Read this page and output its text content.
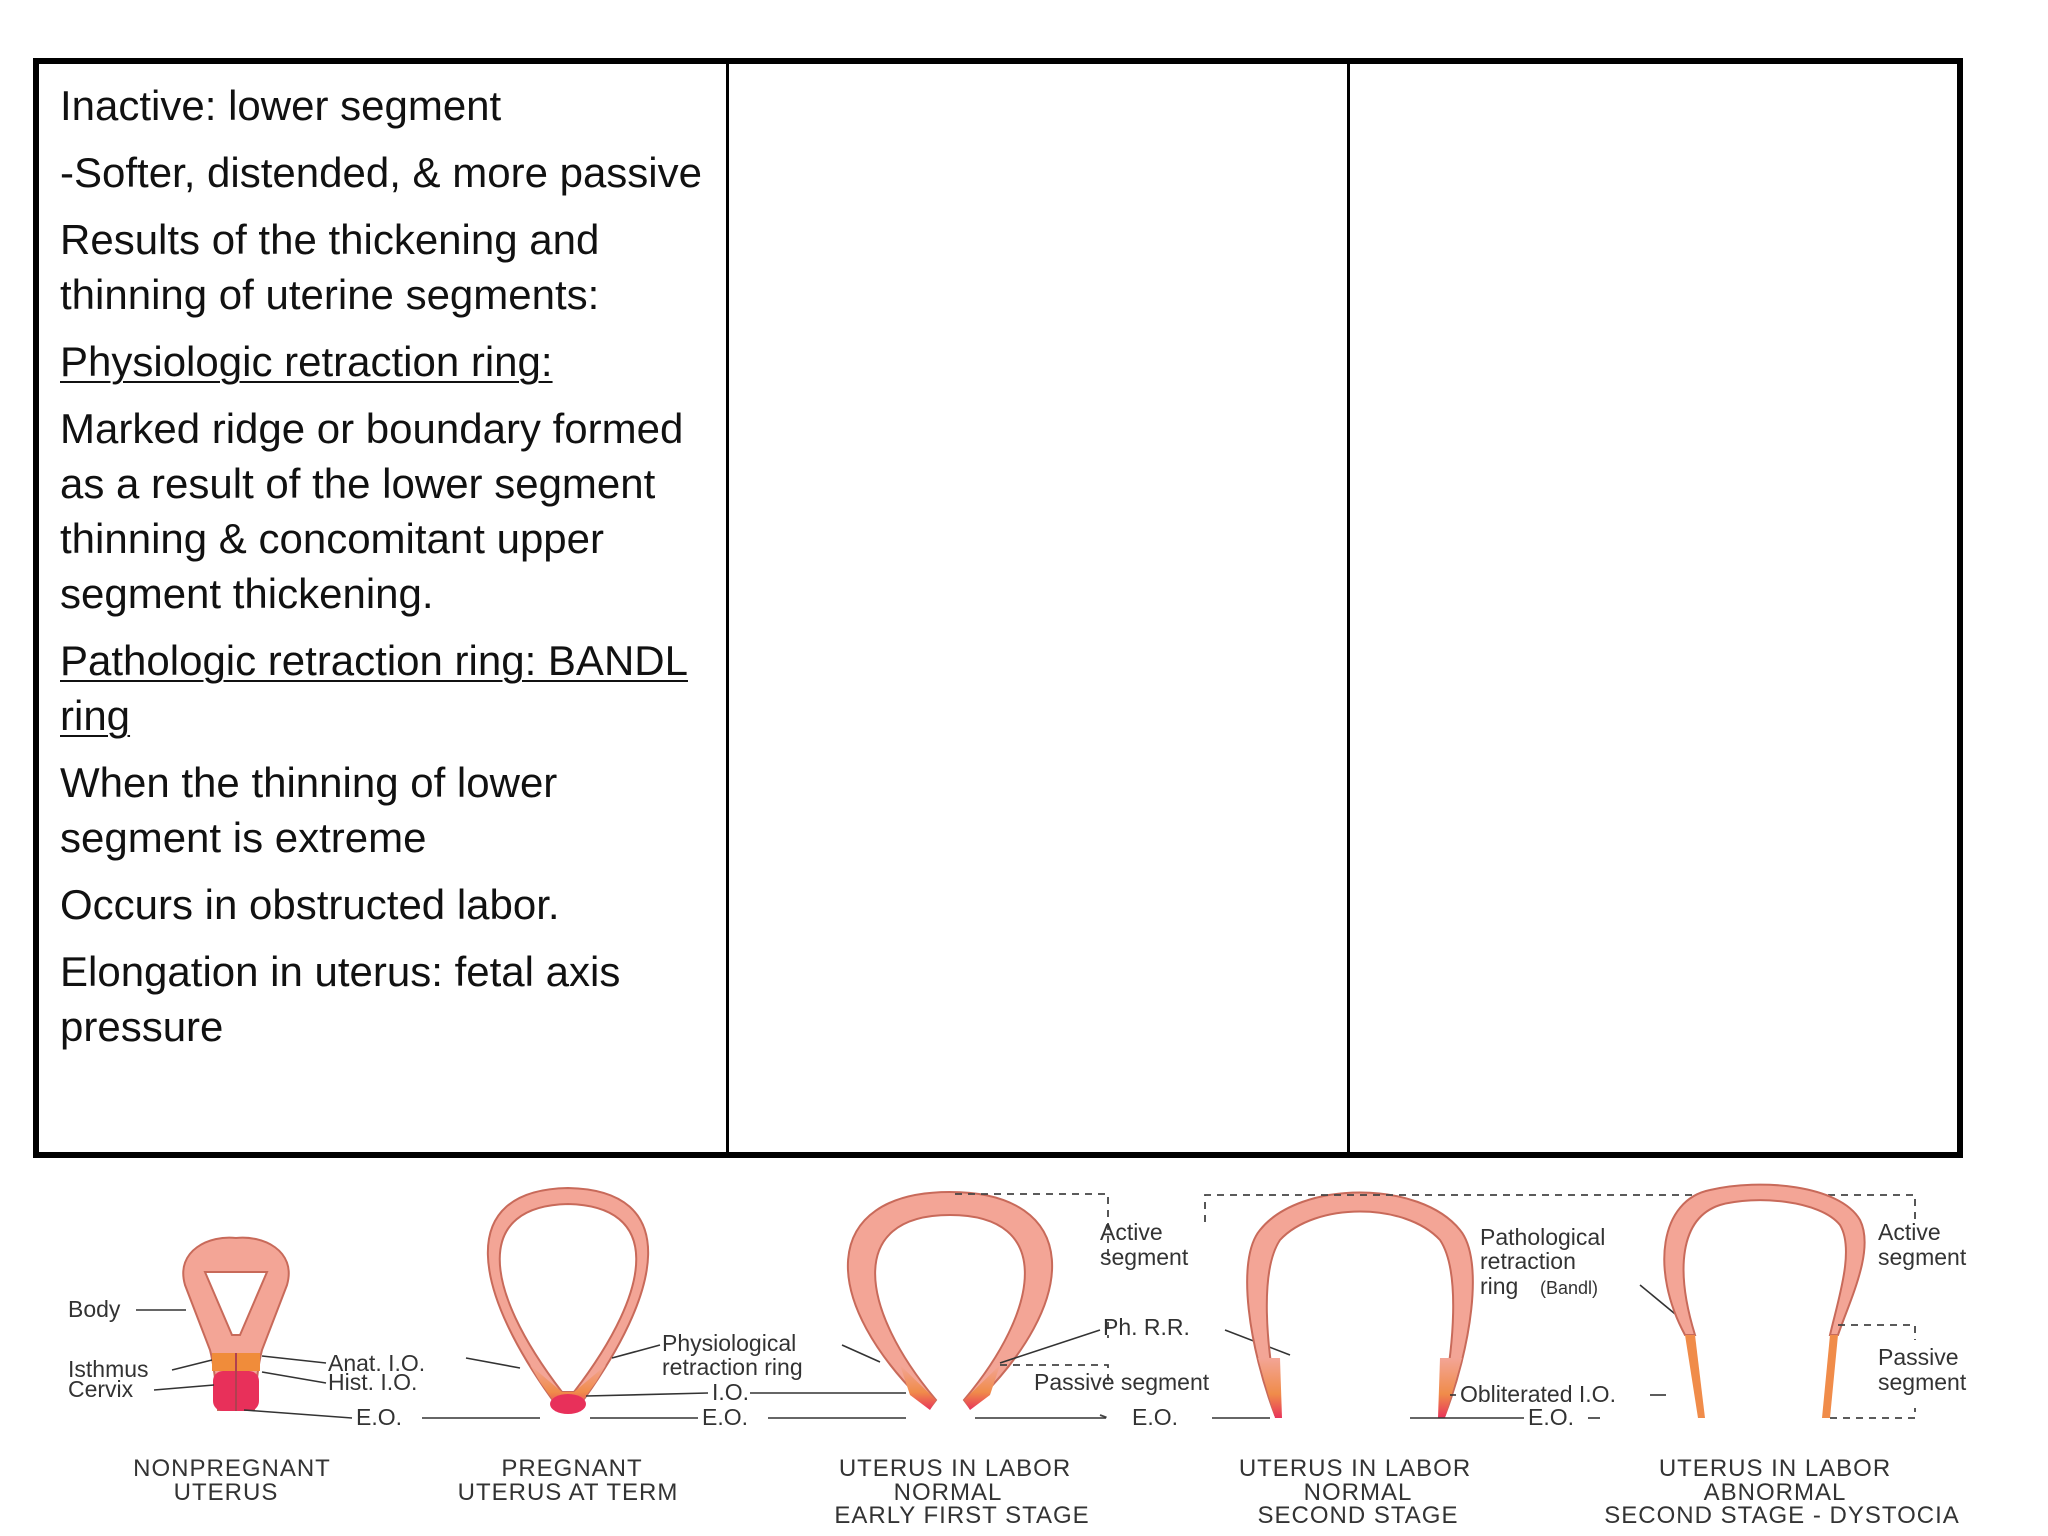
Inactive: lower segment

-Softer, distended, & more passive

Results of the thickening and thinning of uterine segments:

Physiologic retraction ring:

Marked ridge or boundary formed as a result of the lower segment thinning & concomitant upper segment thickening.

Pathologic retraction ring: BANDL ring

When the thinning of lower segment is extreme

Occurs in obstructed labor.

Elongation in uterus: fetal axis pressure

Body
Isthmus
Cervix
Anat. I.O.
Hist. I.O.
E.O.
Physiological
retraction ring
I.O.
E.O.
Active
segment
Ph. R.R.
Passive segment
E.O.
Pathological
retraction
ring (Bandl)
Obliterated I.O.
E.O.
Active
segment
Passive
segment
NONPREGNANT
UTERUS
PREGNANT
UTERUS AT TERM
UTERUS IN LABOR
NORMAL
EARLY FIRST STAGE
UTERUS IN LABOR
NORMAL
SECOND STAGE
UTERUS IN LABOR
ABNORMAL
SECOND STAGE - DYSTOCIA
